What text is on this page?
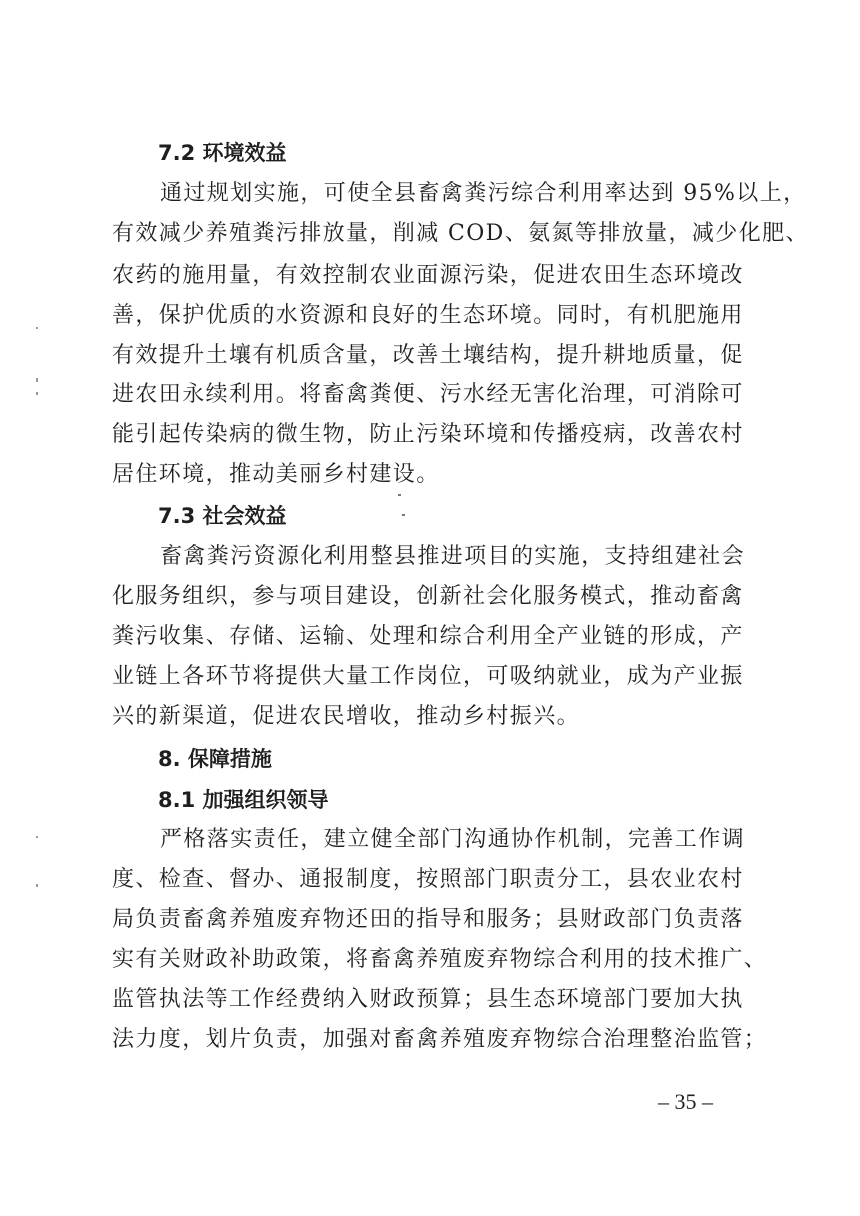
7.2 环境效益
通过规划实施，可使全县畜禽粪污综合利用率达到 95%以上，
有效减少养殖粪污排放量，削减 COD、氨氮等排放量，减少化肥、
农药的施用量，有效控制农业面源污染，促进农田生态环境改
善，保护优质的水资源和良好的生态环境。同时，有机肥施用
有效提升土壤有机质含量，改善土壤结构，提升耕地质量，促
进农田永续利用。将畜禽粪便、污水经无害化治理，可消除可
能引起传染病的微生物，防止污染环境和传播疫病，改善农村
居住环境，推动美丽乡村建设。
7.3 社会效益
畜禽粪污资源化利用整县推进项目的实施，支持组建社会
化服务组织，参与项目建设，创新社会化服务模式，推动畜禽
粪污收集、存储、运输、处理和综合利用全产业链的形成，产
业链上各环节将提供大量工作岗位，可吸纳就业，成为产业振
兴的新渠道，促进农民增收，推动乡村振兴。
8. 保障措施
8.1 加强组织领导
严格落实责任，建立健全部门沟通协作机制，完善工作调
度、检查、督办、通报制度，按照部门职责分工，县农业农村
局负责畜禽养殖废弃物还田的指导和服务；县财政部门负责落
实有关财政补助政策，将畜禽养殖废弃物综合利用的技术推广、
监管执法等工作经费纳入财政预算；县生态环境部门要加大执
法力度，划片负责，加强对畜禽养殖废弃物综合治理整治监管；
– 35 –
